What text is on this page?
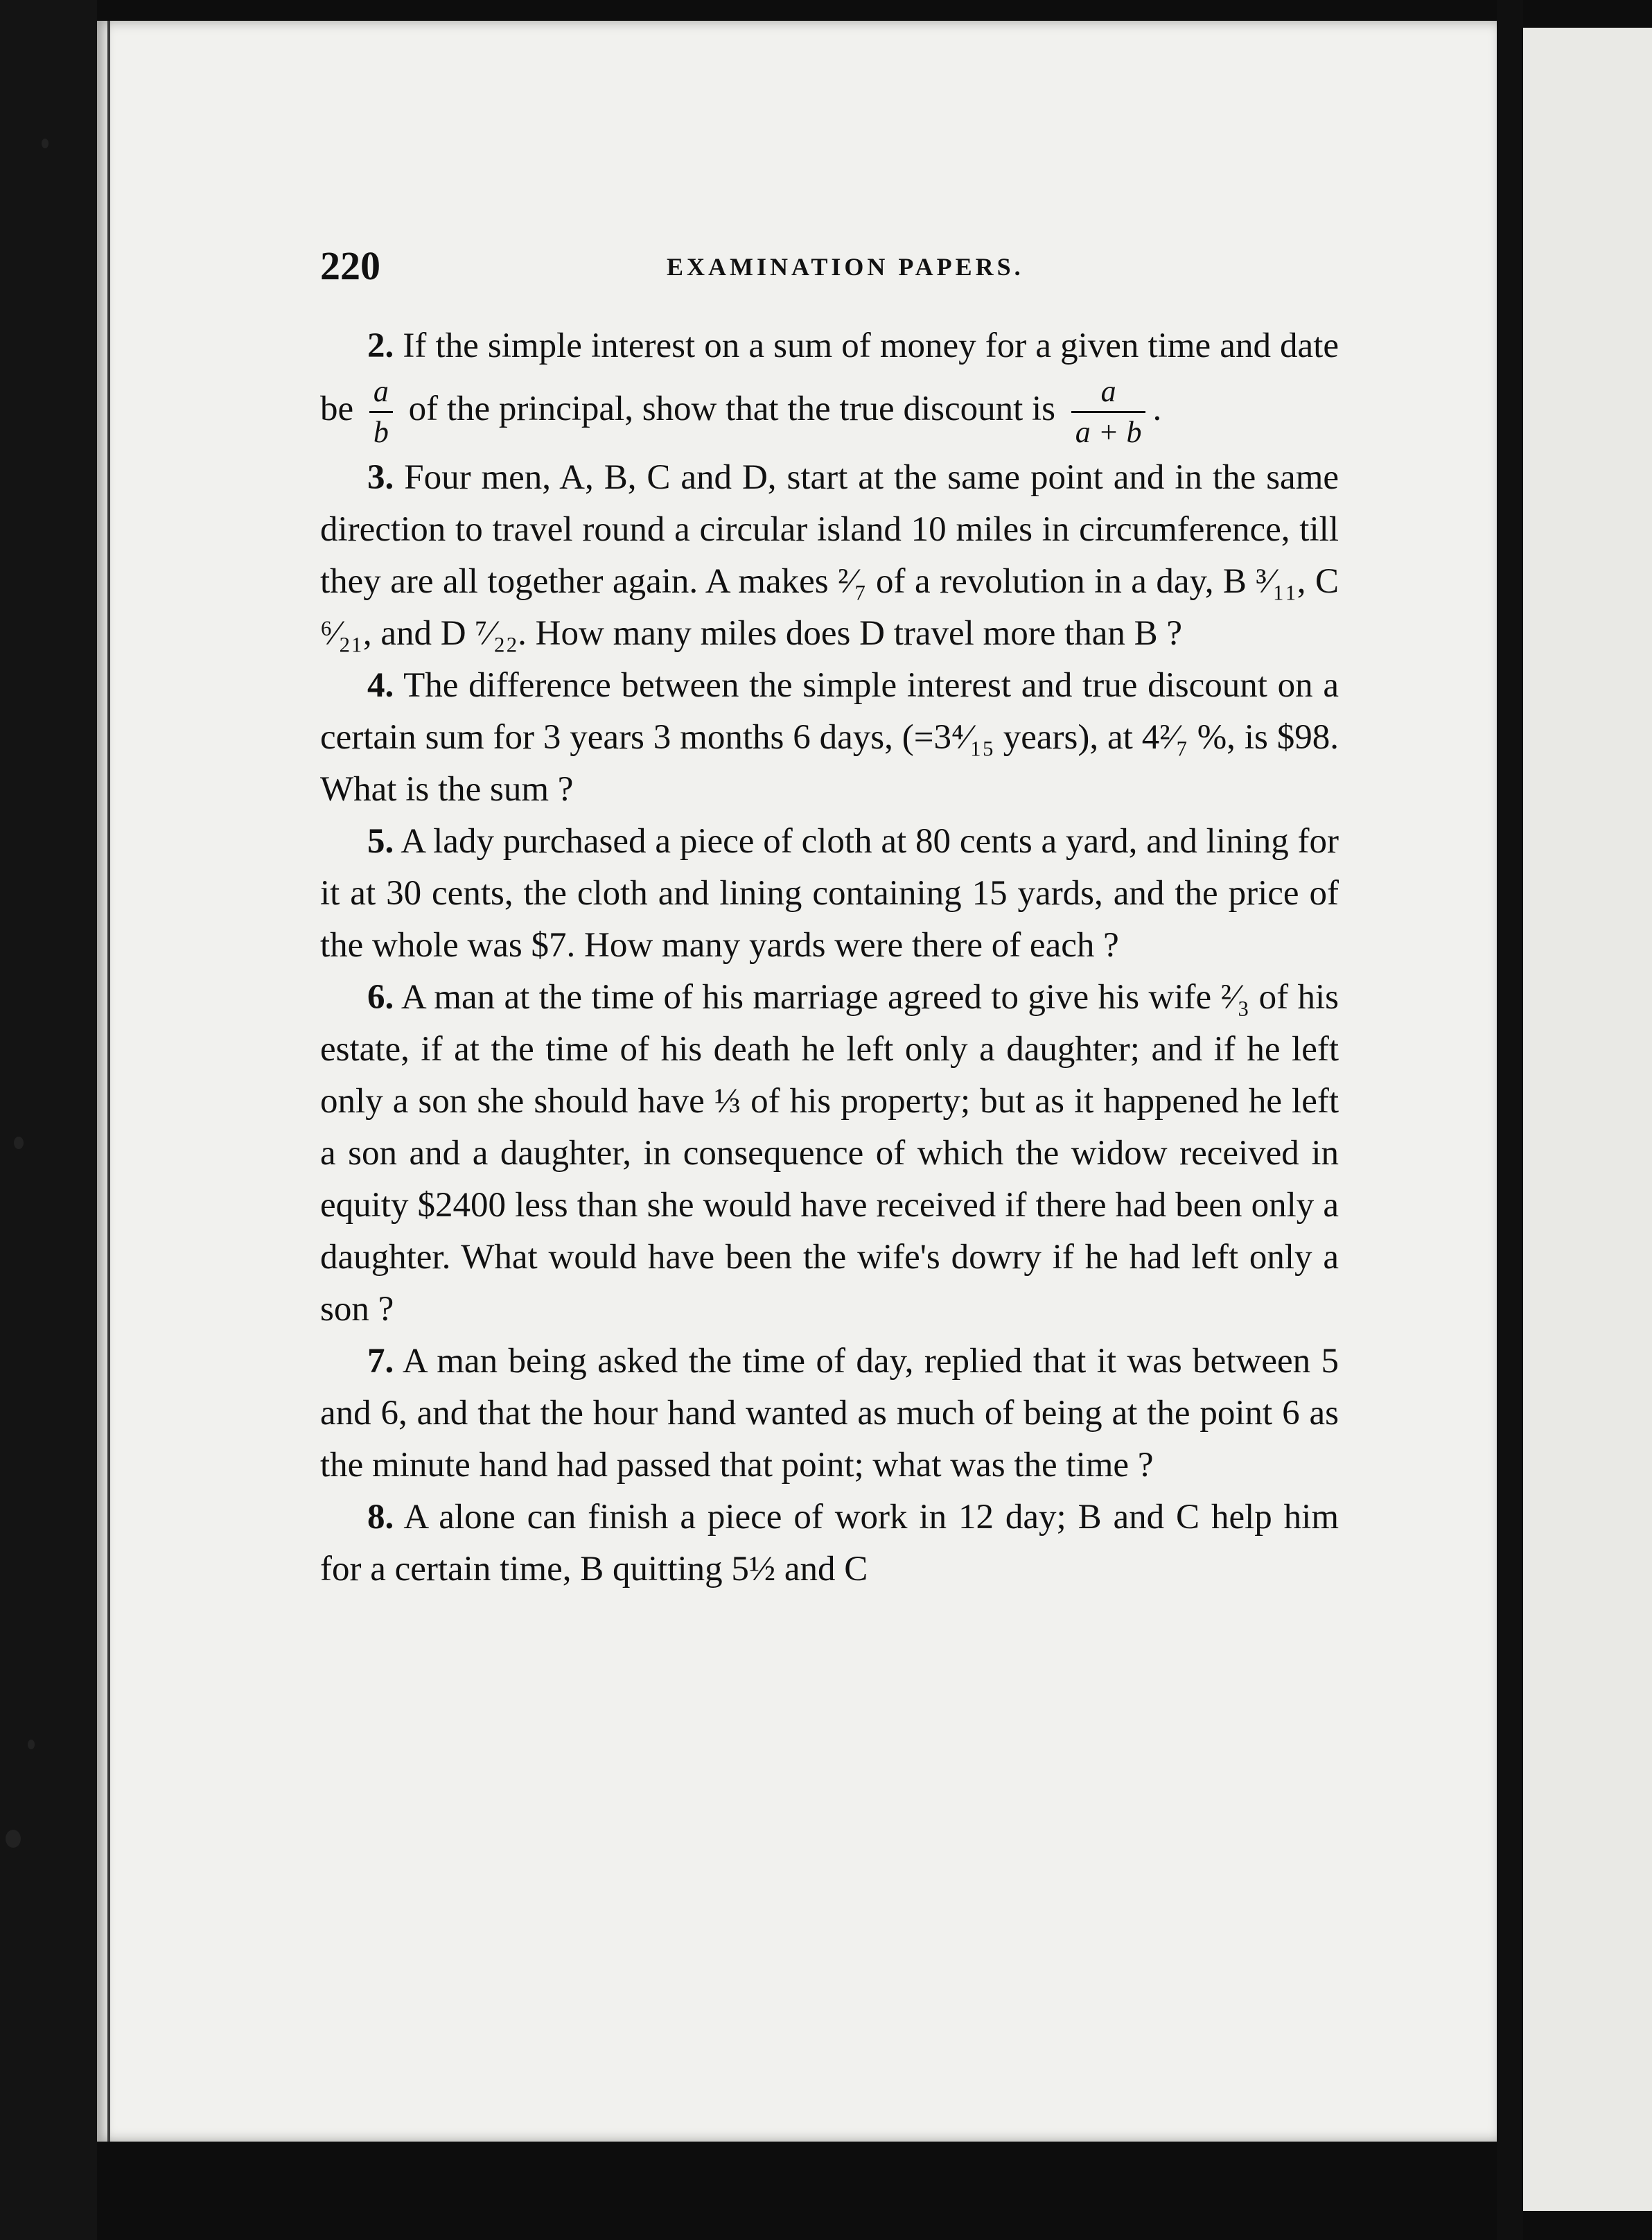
220	EXAMINATION PAPERS.

2. If the simple interest on a sum of money for a given time and date be $\frac{a}{b}$ of the principal, show that the true discount is $\frac{a}{a + b}$ .

3. Four men, A, B, C and D, start at the same point and in the same direction to travel round a circular island 10 miles in circumference, till they are all together again. A makes ²⁄₇ of a revolution in a day, B ³⁄₁₁, C ⁶⁄₂₁, and D ⁷⁄₂₂. How many miles does D travel more than B ?

4. The difference between the simple interest and true discount on a certain sum for 3 years 3 months 6 days, (=3⁴⁄₁₅ years), at 4²⁄₇ %, is $98. What is the sum ?

5. A lady purchased a piece of cloth at 80 cents a yard, and lining for it at 30 cents, the cloth and lining containing 15 yards, and the price of the whole was $7. How many yards were there of each ?

6. A man at the time of his marriage agreed to give his wife ²⁄₃ of his estate, if at the time of his death he left only a daughter; and if he left only a son she should have ⅓ of his property; but as it happened he left a son and a daughter, in consequence of which the widow received in equity $2400 less than she would have received if there had been only a daughter. What would have been the wife's dowry if he had left only a son ?

7. A man being asked the time of day, replied that it was between 5 and 6, and that the hour hand wanted as much of being at the point 6 as the minute hand had passed that point; what was the time ?

8. A alone can finish a piece of work in 12 day; B and C help him for a certain time, B quitting 5½ and C
